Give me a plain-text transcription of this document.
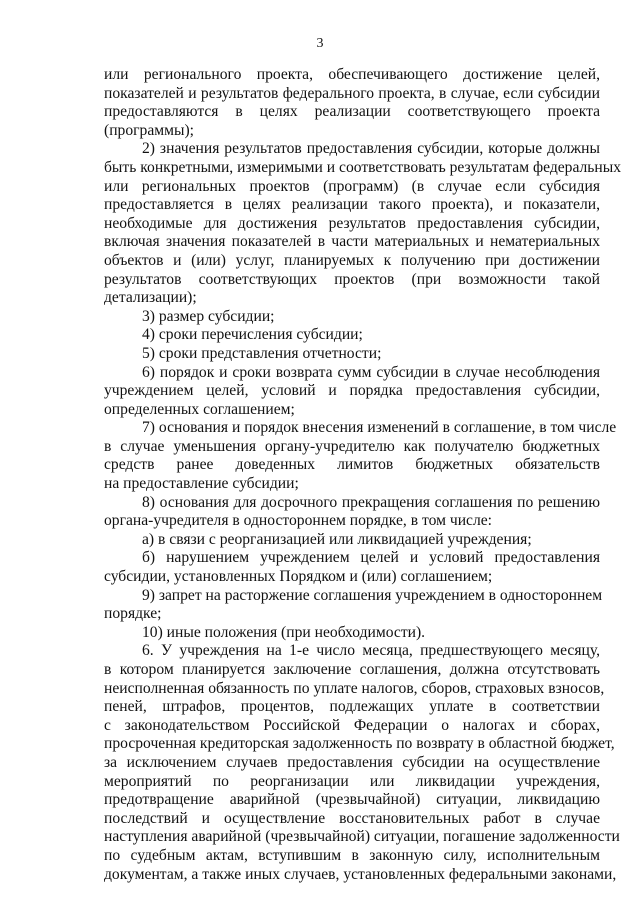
3
или регионального проекта, обеспечивающего достижение целей,
показателей и результатов федерального проекта, в случае, если субсидии
предоставляются в целях реализации соответствующего проекта
(программы);
2) значения результатов предоставления субсидии, которые должны
быть конкретными, измеримыми и соответствовать результатам федеральных
или региональных проектов (программ) (в случае если субсидия
предоставляется в целях реализации такого проекта), и показатели,
необходимые для достижения результатов предоставления субсидии,
включая значения показателей в части материальных и нематериальных
объектов и (или) услуг, планируемых к получению при достижении
результатов соответствующих проектов (при возможности такой
детализации);
3) размер субсидии;
4) сроки перечисления субсидии;
5) сроки представления отчетности;
6) порядок и сроки возврата сумм субсидии в случае несоблюдения
учреждением целей, условий и порядка предоставления субсидии,
определенных соглашением;
7) основания и порядок внесения изменений в соглашение, в том числе
в случае уменьшения органу-учредителю как получателю бюджетных
средств ранее доведенных лимитов бюджетных обязательств
на предоставление субсидии;
8) основания для досрочного прекращения соглашения по решению
органа-учредителя в одностороннем порядке, в том числе:
а) в связи с реорганизацией или ликвидацией учреждения;
б) нарушением учреждением целей и условий предоставления
субсидии, установленных Порядком и (или) соглашением;
9) запрет на расторжение соглашения учреждением в одностороннем
порядке;
10) иные положения (при необходимости).
6. У учреждения на 1-е число месяца, предшествующего месяцу,
в котором планируется заключение соглашения, должна отсутствовать
неисполненная обязанность по уплате налогов, сборов, страховых взносов,
пеней, штрафов, процентов, подлежащих уплате в соответствии
с законодательством Российской Федерации о налогах и сборах,
просроченная кредиторская задолженность по возврату в областной бюджет,
за исключением случаев предоставления субсидии на осуществление
мероприятий по реорганизации или ликвидации учреждения,
предотвращение аварийной (чрезвычайной) ситуации, ликвидацию
последствий и осуществление восстановительных работ в случае
наступления аварийной (чрезвычайной) ситуации, погашение задолженности
по судебным актам, вступившим в законную силу, исполнительным
документам, а также иных случаев, установленных федеральными законами,
